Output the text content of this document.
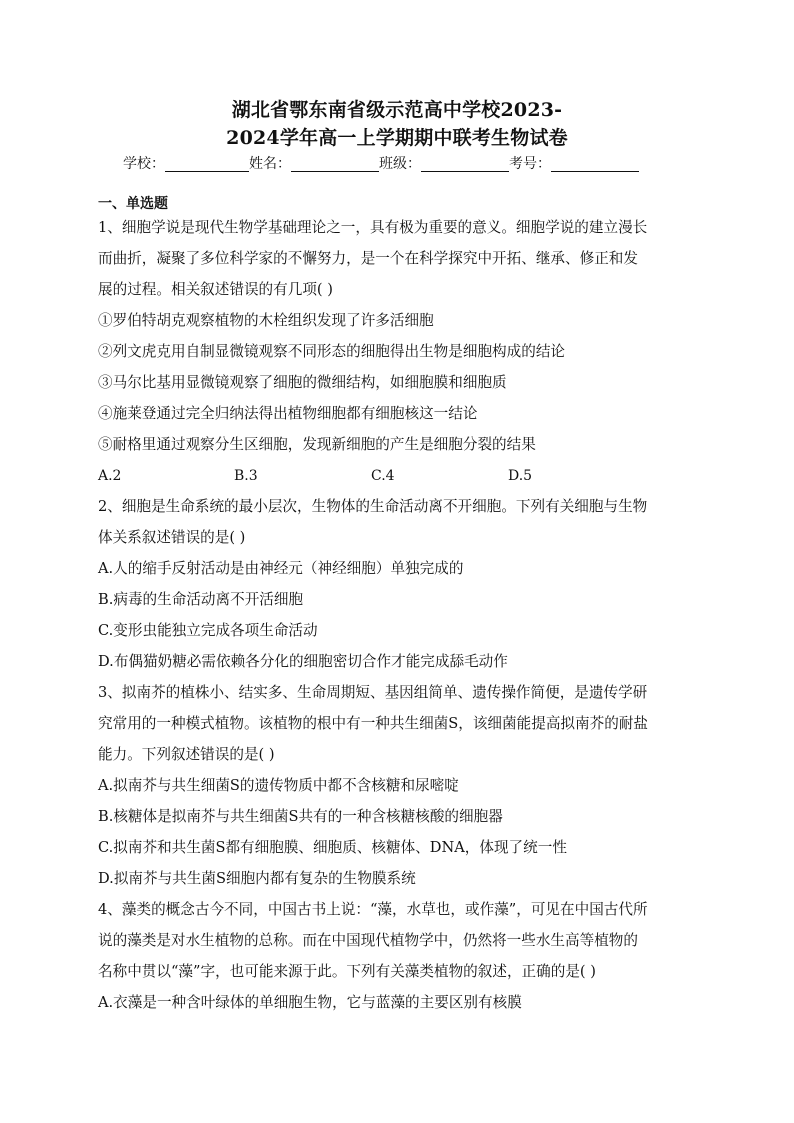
湖北省鄂东南省级示范高中学校2023-
2024学年高一上学期期中联考生物试卷
学校：	姓名：	班级：	考号：
一、单选题
1、细胞学说是现代生物学基础理论之一，具有极为重要的意义。细胞学说的建立漫长
而曲折，凝聚了多位科学家的不懈努力，是一个在科学探究中开拓、继承、修正和发
展的过程。相关叙述错误的有几项( )
①罗伯特胡克观察植物的木栓组织发现了许多活细胞
②列文虎克用自制显微镜观察不同形态的细胞得出生物是细胞构成的结论
③马尔比基用显微镜观察了细胞的微细结构，如细胞膜和细胞质
④施莱登通过完全归纳法得出植物细胞都有细胞核这一结论
⑤耐格里通过观察分生区细胞，发现新细胞的产生是细胞分裂的结果
A.2	B.3	C.4	D.5
2、细胞是生命系统的最小层次，生物体的生命活动离不开细胞。下列有关细胞与生物
体关系叙述错误的是( )
A.人的缩手反射活动是由神经元（神经细胞）单独完成的
B.病毒的生命活动离不开活细胞
C.变形虫能独立完成各项生命活动
D.布偶猫奶糖必需依赖各分化的细胞密切合作才能完成舔毛动作
3、拟南芥的植株小、结实多、生命周期短、基因组简单、遗传操作简便，是遗传学研
究常用的一种模式植物。该植物的根中有一种共生细菌S，该细菌能提高拟南芥的耐盐
能力。下列叙述错误的是( )
A.拟南芥与共生细菌S的遗传物质中都不含核糖和尿嘧啶
B.核糖体是拟南芥与共生细菌S共有的一种含核糖核酸的细胞器
C.拟南芥和共生菌S都有细胞膜、细胞质、核糖体、DNA，体现了统一性
D.拟南芥与共生菌S细胞内都有复杂的生物膜系统
4、藻类的概念古今不同，中国古书上说：“藻，水草也，或作藻”，可见在中国古代所
说的藻类是对水生植物的总称。而在中国现代植物学中，仍然将一些水生高等植物的
名称中贯以“藻”字，也可能来源于此。下列有关藻类植物的叙述，正确的是( )
A.衣藻是一种含叶绿体的单细胞生物，它与蓝藻的主要区别有核膜
